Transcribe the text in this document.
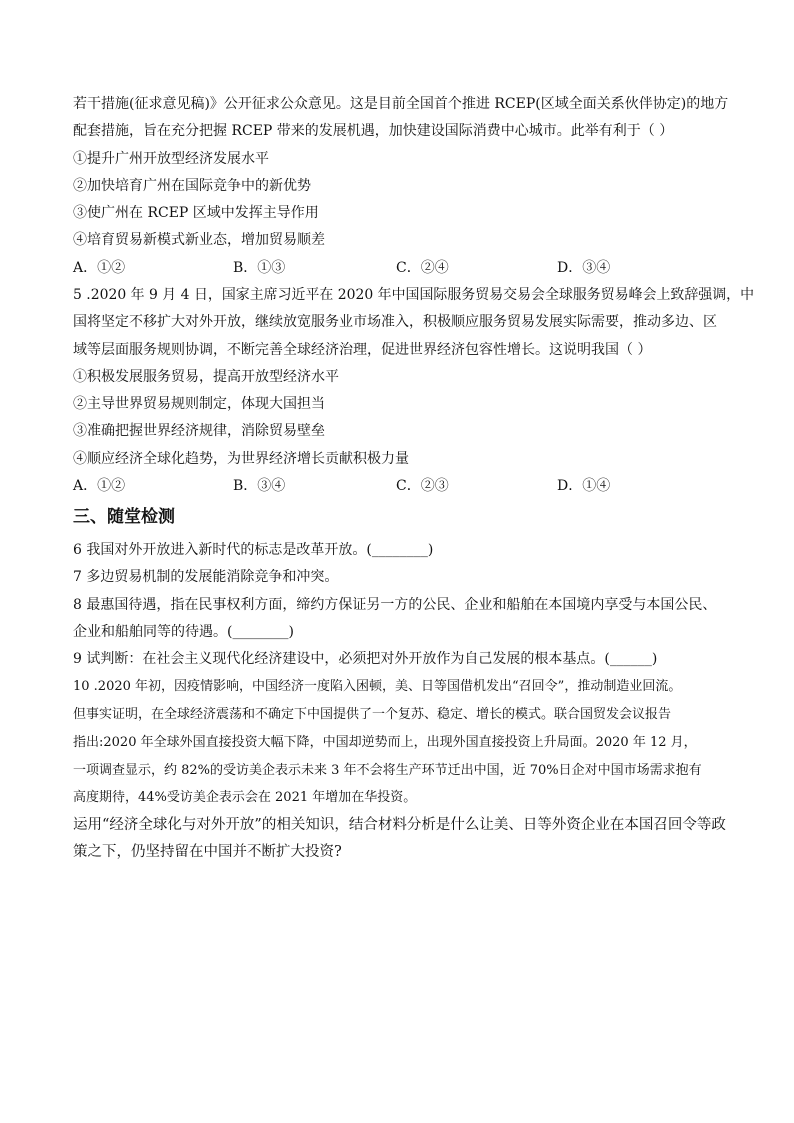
若干措施(征求意见稿)》公开征求公众意见。这是目前全国首个推进 RCEP(区域全面关系伙伴协定)的地方
配套措施，旨在充分把握 RCEP 带来的发展机遇，加快建设国际消费中心城市。此举有利于（ ）
①提升广州开放型经济发展水平
②加快培育广州在国际竞争中的新优势
③使广州在 RCEP 区域中发挥主导作用
④培育贸易新模式新业态，增加贸易顺差
A．①②	B．①③	C．②④	D．③④
5 .2020 年 9 月 4 日，国家主席习近平在 2020 年中国国际服务贸易交易会全球服务贸易峰会上致辞强调，中
国将坚定不移扩大对外开放，继续放宽服务业市场准入，积极顺应服务贸易发展实际需要，推动多边、区
域等层面服务规则协调，不断完善全球经济治理，促进世界经济包容性增长。这说明我国（ ）
①积极发展服务贸易，提高开放型经济水平
②主导世界贸易规则制定，体现大国担当
③准确把握世界经济规律，消除贸易壁垒
④顺应经济全球化趋势，为世界经济增长贡献积极力量
A．①②	B．③④	C．②③	D．①④
三、随堂检测
6 我国对外开放进入新时代的标志是改革开放。(________)
7 多边贸易机制的发展能消除竞争和冲突。
8 最惠国待遇，指在民事权利方面，缔约方保证另一方的公民、企业和船舶在本国境内享受与本国公民、
企业和船舶同等的待遇。(________)
9 试判断：在社会主义现代化经济建设中，必须把对外开放作为自己发展的根本基点。(______)
10 .2020 年初，因疫情影响，中国经济一度陷入困顿，美、日等国借机发出“召回令”，推动制造业回流。
但事实证明，在全球经济震荡和不确定下中国提供了一个复苏、稳定、增长的模式。联合国贸发会议报告
指出:2020 年全球外国直接投资大幅下降，中国却逆势而上，出现外国直接投资上升局面。2020 年 12 月，
一项调查显示，约 82%的受访美企表示未来 3 年不会将生产环节迁出中国，近 70%日企对中国市场需求抱有
高度期待，44%受访美企表示会在 2021 年增加在华投资。
运用“经济全球化与对外开放”的相关知识，结合材料分析是什么让美、日等外资企业在本国召回令等政
策之下，仍坚持留在中国并不断扩大投资?
